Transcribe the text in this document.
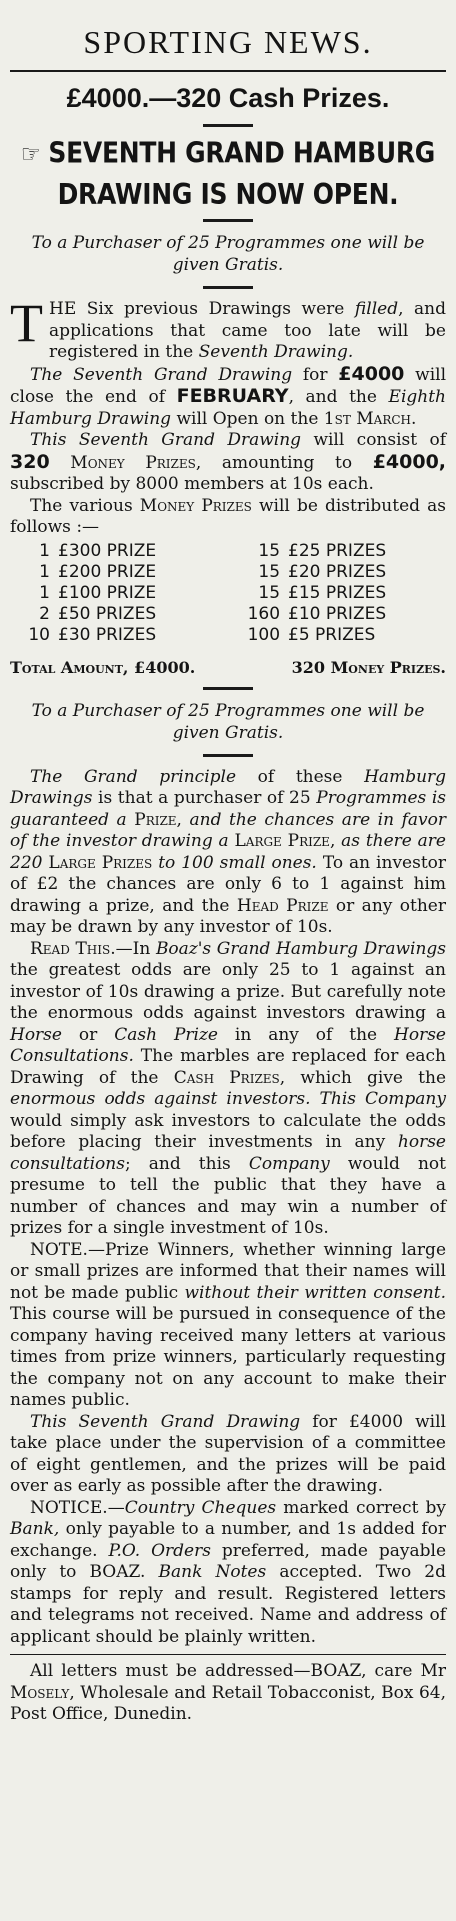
SPORTING NEWS.
£4000.—320 Cash Prizes.
☞ SEVENTH GRAND HAMBURG DRAWING IS NOW OPEN.
To a Purchaser of 25 Programmes one will be given Gratis.

THE Six previous Drawings were filled, and applications that came too late will be registered in the Seventh Drawing.

The Seventh Grand Drawing for £4000 will close the end of FEBRUARY, and the Eighth Hamburg Drawing will Open on the 1st March.

This Seventh Grand Drawing will consist of 320 Money Prizes, amounting to £4000, subscribed by 8000 members at 10s each.

The various Money Prizes will be distributed as follows :—

1	£300 PRIZE	15	£25 PRIZES
1	£200 PRIZE	15	£20 PRIZES
1	£100 PRIZE	15	£15 PRIZES
2	£50 PRIZES	160	£10 PRIZES
10	£30 PRIZES	100	£5 PRIZES
Total Amount, £4000.	320 Money Prizes.
To a Purchaser of 25 Programmes one will be given Gratis.

The Grand principle of these Hamburg Drawings is that a purchaser of 25 Programmes is guaranteed a Prize, and the chances are in favor of the investor drawing a Large Prize, as there are 220 Large Prizes to 100 small ones. To an investor of £2 the chances are only 6 to 1 against him drawing a prize, and the Head Prize or any other may be drawn by any investor of 10s.

Read This.—In Boaz's Grand Hamburg Drawings the greatest odds are only 25 to 1 against an investor of 10s drawing a prize. But carefully note the enormous odds against investors drawing a Horse or Cash Prize in any of the Horse Consultations. The marbles are replaced for each Drawing of the Cash Prizes, which give the enormous odds against investors. This Company would simply ask investors to calculate the odds before placing their investments in any horse consultations; and this Company would not presume to tell the public that they have a number of chances and may win a number of prizes for a single investment of 10s.

NOTE.—Prize Winners, whether winning large or small prizes are informed that their names will not be made public without their written consent. This course will be pursued in consequence of the company having received many letters at various times from prize winners, particularly requesting the company not on any account to make their names public.

This Seventh Grand Drawing for £4000 will take place under the supervision of a committee of eight gentlemen, and the prizes will be paid over as early as possible after the drawing.

NOTICE.—Country Cheques marked correct by Bank, only payable to a number, and 1s added for exchange. P.O. Orders preferred, made payable only to BOAZ. Bank Notes accepted. Two 2d stamps for reply and result. Registered letters and telegrams not received. Name and address of applicant should be plainly written.

All letters must be addressed—BOAZ, care Mr Mosely, Wholesale and Retail Tobacconist, Box 64, Post Office, Dunedin.
